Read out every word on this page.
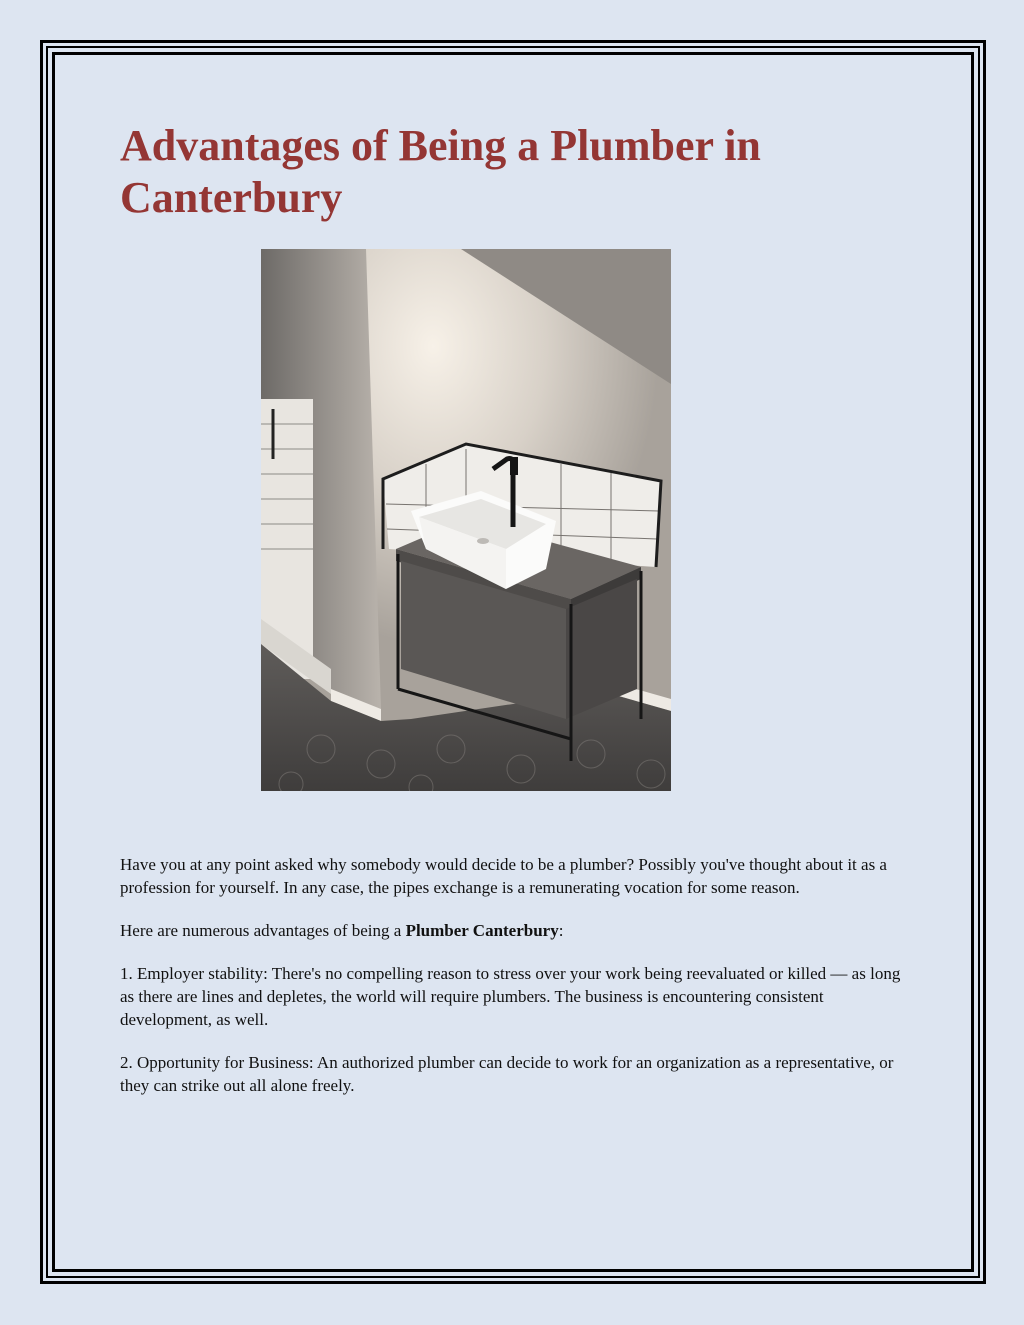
Advantages of Being a Plumber in Canterbury

Have you at any point asked why somebody would decide to be a plumber? Possibly you've thought about it as a profession for yourself. In any case, the pipes exchange is a remunerating vocation for some reason.

Here are numerous advantages of being a Plumber Canterbury:

1. Employer stability: There's no compelling reason to stress over your work being reevaluated or killed — as long as there are lines and depletes, the world will require plumbers. The business is encountering consistent development, as well.

2. Opportunity for Business: An authorized plumber can decide to work for an organization as a representative, or they can strike out all alone freely.
